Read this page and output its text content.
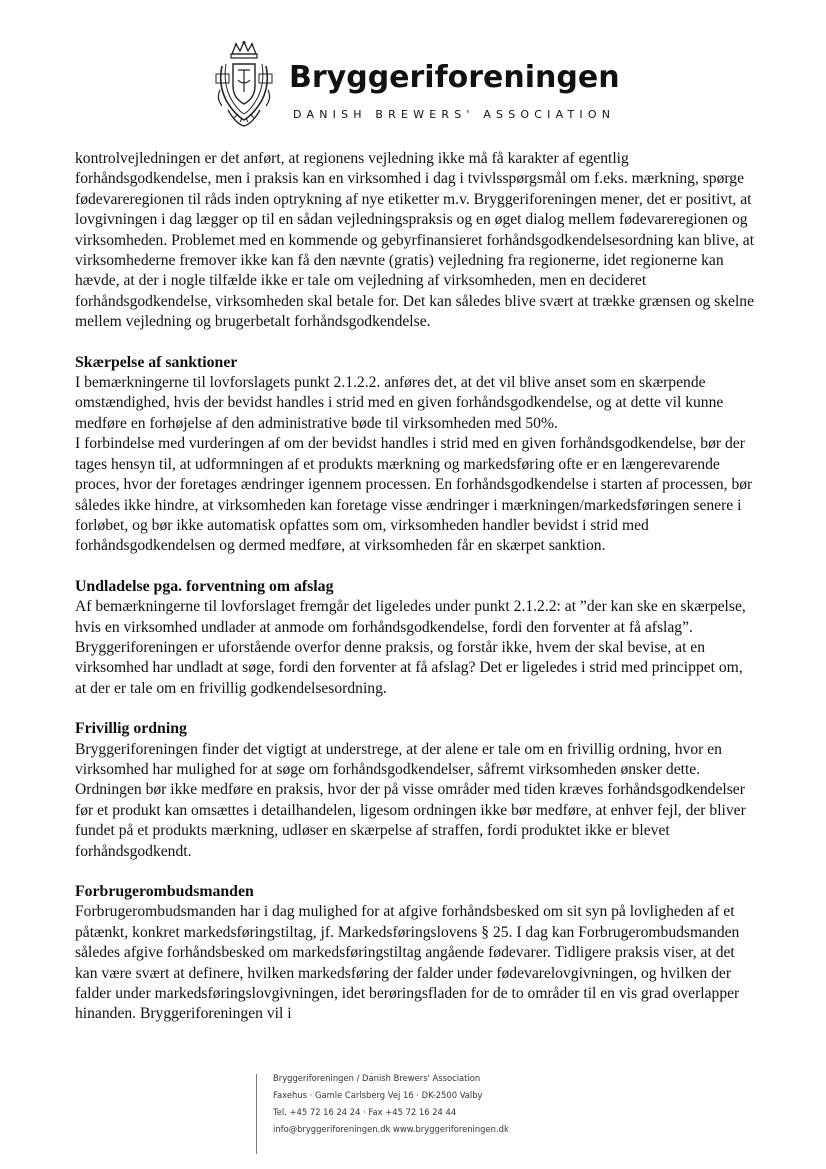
Bryggeriforeningen
DANISH BREWERS' ASSOCIATION

kontrolvejledningen er det anført, at regionens vejledning ikke må få karakter af egentlig forhåndsgodkendelse, men i praksis kan en virksomhed i dag i tvivlsspørgsmål om f.eks. mærkning, spørge fødevareregionen til råds inden optrykning af nye etiketter m.v. Bryggeriforeningen mener, det er positivt, at lovgivningen i dag lægger op til en sådan vejledningspraksis og en øget dialog mellem fødevareregionen og virksomheden. Problemet med en kommende og gebyrfinansieret forhåndsgodkendelsesordning kan blive, at virksomhederne fremover ikke kan få den nævnte (gratis) vejledning fra regionerne, idet regionerne kan hævde, at der i nogle tilfælde ikke er tale om vejledning af virksomheden, men en decideret forhåndsgodkendelse, virksomheden skal betale for. Det kan således blive svært at trække grænsen og skelne mellem vejledning og brugerbetalt forhåndsgodkendelse.

Skærpelse af sanktioner

I bemærkningerne til lovforslagets punkt 2.1.2.2. anføres det, at det vil blive anset som en skærpende omstændighed, hvis der bevidst handles i strid med en given forhåndsgodkendelse, og at dette vil kunne medføre en forhøjelse af den administrative bøde til virksomheden med 50%.

I forbindelse med vurderingen af om der bevidst handles i strid med en given forhåndsgodkendelse, bør der tages hensyn til, at udformningen af et produkts mærkning og markedsføring ofte er en længerevarende proces, hvor der foretages ændringer igennem processen. En forhåndsgodkendelse i starten af processen, bør således ikke hindre, at virksomheden kan foretage visse ændringer i mærkningen/markedsføringen senere i forløbet, og bør ikke automatisk opfattes som om, virksomheden handler bevidst i strid med forhåndsgodkendelsen og dermed medføre, at virksomheden får en skærpet sanktion.

Undladelse pga. forventning om afslag

Af bemærkningerne til lovforslaget fremgår det ligeledes under punkt 2.1.2.2: at ”der kan ske en skærpelse, hvis en virksomhed undlader at anmode om forhåndsgodkendelse, fordi den forventer at få afslag”. Bryggeriforeningen er uforstående overfor denne praksis, og forstår ikke, hvem der skal bevise, at en virksomhed har undladt at søge, fordi den forventer at få afslag? Det er ligeledes i strid med princippet om, at der er tale om en frivillig godkendelsesordning.

Frivillig ordning

Bryggeriforeningen finder det vigtigt at understrege, at der alene er tale om en frivillig ordning, hvor en virksomhed har mulighed for at søge om forhåndsgodkendelser, såfremt virksomheden ønsker dette. Ordningen bør ikke medføre en praksis, hvor der på visse områder med tiden kræves forhåndsgodkendelser før et produkt kan omsættes i detailhandelen, ligesom ordningen ikke bør medføre, at enhver fejl, der bliver fundet på et produkts mærkning, udløser en skærpelse af straffen, fordi produktet ikke er blevet forhåndsgodkendt.

Forbrugerombudsmanden

Forbrugerombudsmanden har i dag mulighed for at afgive forhåndsbesked om sit syn på lovligheden af et påtænkt, konkret markedsføringstiltag, jf. Markedsføringslovens § 25. I dag kan Forbrugerombudsmanden således afgive forhåndsbesked om markedsføringstiltag angående fødevarer. Tidligere praksis viser, at det kan være svært at definere, hvilken markedsføring der falder under fødevarelovgivningen, og hvilken der falder under markedsføringslovgivningen, idet berøringsfladen for de to områder til en vis grad overlapper hinanden. Bryggeriforeningen vil i

Bryggeriforeningen / Danish Brewers' Association
Faxehus · Gamle Carlsberg Vej 16 · DK-2500 Valby
Tel. +45 72 16 24 24 · Fax +45 72 16 24 44
info@bryggeriforeningen.dk www.bryggeriforeningen.dk
